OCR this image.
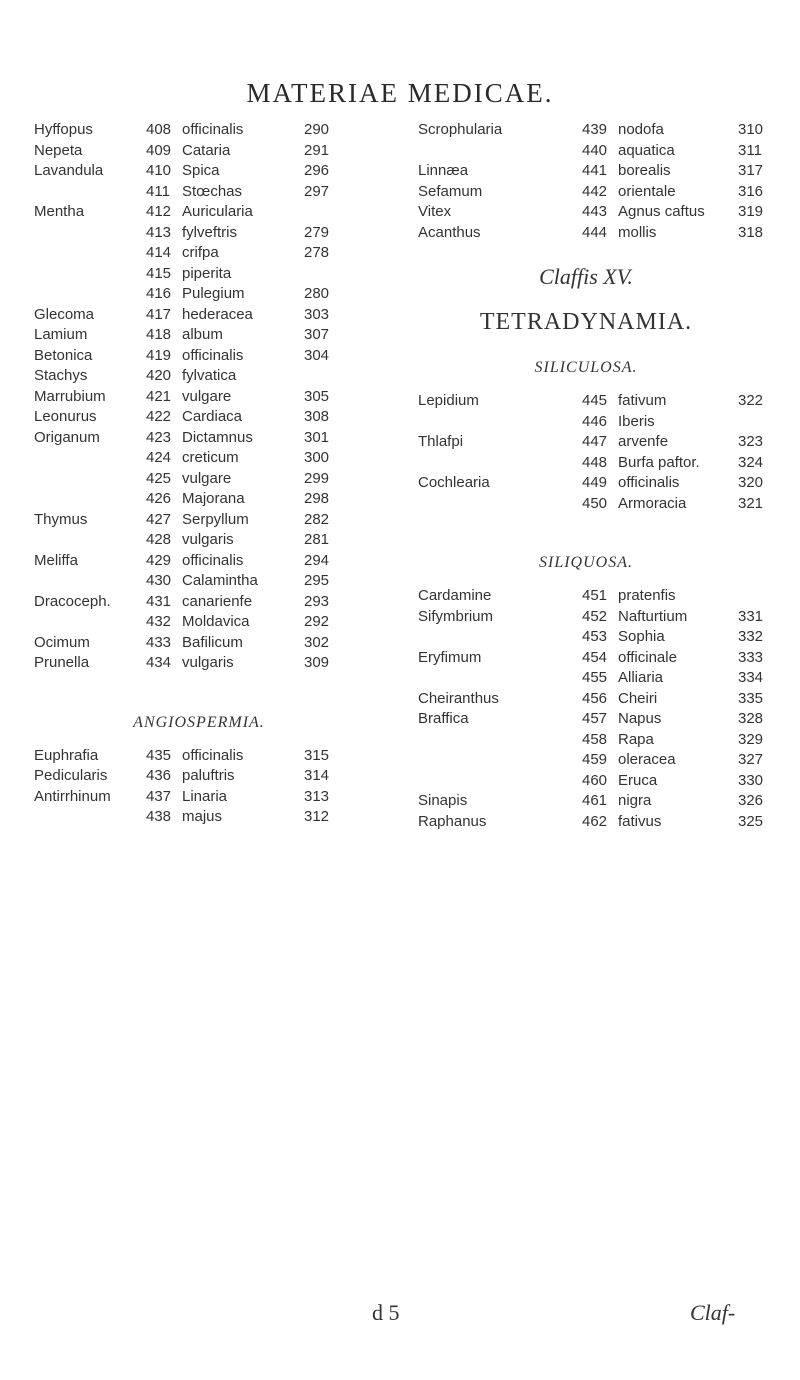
MATERIAE MEDICAE.
Hyffopus	408 officinalis	290
Nepeta	409 Cataria	291
Lavandula	410 Spica	296
411 Stœchas	297
Mentha	412 Auricularia
413 fylveftris	279
414 crifpa	278
415 piperita
416 Pulegium	280
Glecoma	417 hederacea	303
Lamium	418 album	307
Betonica	419 officinalis	304
Stachys	420 fylvatica
Marrubium	421 vulgare	305
Leonurus	422 Cardiaca	308
Origanum	423 Dictamnus	301
424 creticum	300
425 vulgare	299
426 Majorana	298
Thymus	427 Serpyllum	282
428 vulgaris	281
Meliffa	429 officinalis	294
430 Calamintha	295
Dracoceph. 431 canarienfe	293
432 Moldavica	292
Ocimum	433 Bafilicum	302
Prunella	434 vulgaris	309
ANGIOSPERMIA.
Euphrafia	435 officinalis	315
Pedicularis	436 paluftris	314
Antirrhinum 437 Linaria	313
438 majus	312
Scrophularia	439 nodofa	310
440 aquatica	311
Linnæa	441 borealis	317
Sefamum	442 orientale	316
Vitex	443 Agnus caftus 319
Acanthus	444 mollis	318
Claffis XV.
TETRADYNAMIA.
SILICULOSA.
Lepidium	445 fativum	322
446 Iberis
Thlafpi	447 arvenfe	323
448 Burfa paftor.	324
Cochlearia	449 officinalis	320
450 Armoracia	321
SILIQUOSA.
Cardamine	451 pratenfis
Sifymbrium	452 Nafturtium	331
453 Sophia	332
Eryfimum	454 officinale	333
455 Alliaria	334
Cheiranthus	456 Cheiri	335
Braffica	457 Napus	328
458 Rapa	329
459 oleracea	327
460 Eruca	330
Sinapis	461 nigra	326
Raphanus	462 fativus	325
d 5	Claf-
